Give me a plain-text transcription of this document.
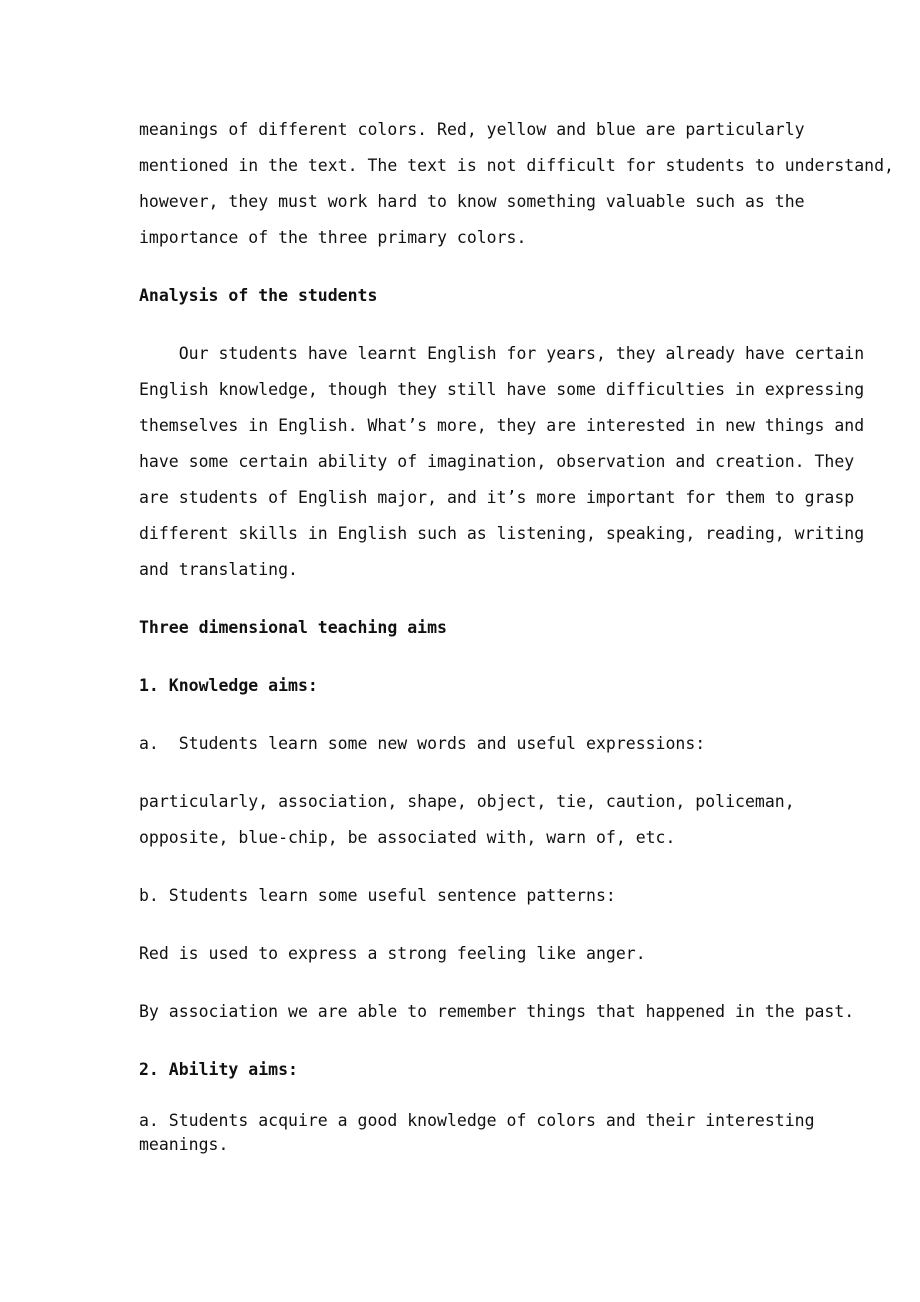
meanings of different colors. Red, yellow and blue are particularly
mentioned in the text. The text is not difficult for students to understand,
however, they must work hard to know something valuable such as the
importance of the three primary colors.
Analysis of the students
Our students have learnt English for years, they already have certain
English knowledge, though they still have some difficulties in expressing
themselves in English. What’s more, they are interested in new things and
have some certain ability of imagination, observation and creation. They
are students of English major, and it’s more important for them to grasp
different skills in English such as listening, speaking, reading, writing
and translating.
Three dimensional teaching aims
1. Knowledge aims:
a.  Students learn some new words and useful expressions:
particularly, association, shape, object, tie, caution, policeman,
opposite, blue-chip, be associated with, warn of, etc.
b. Students learn some useful sentence patterns:
Red is used to express a strong feeling like anger.
By association we are able to remember things that happened in the past.
2. Ability aims:
a. Students acquire a good knowledge of colors and their interesting
meanings.
